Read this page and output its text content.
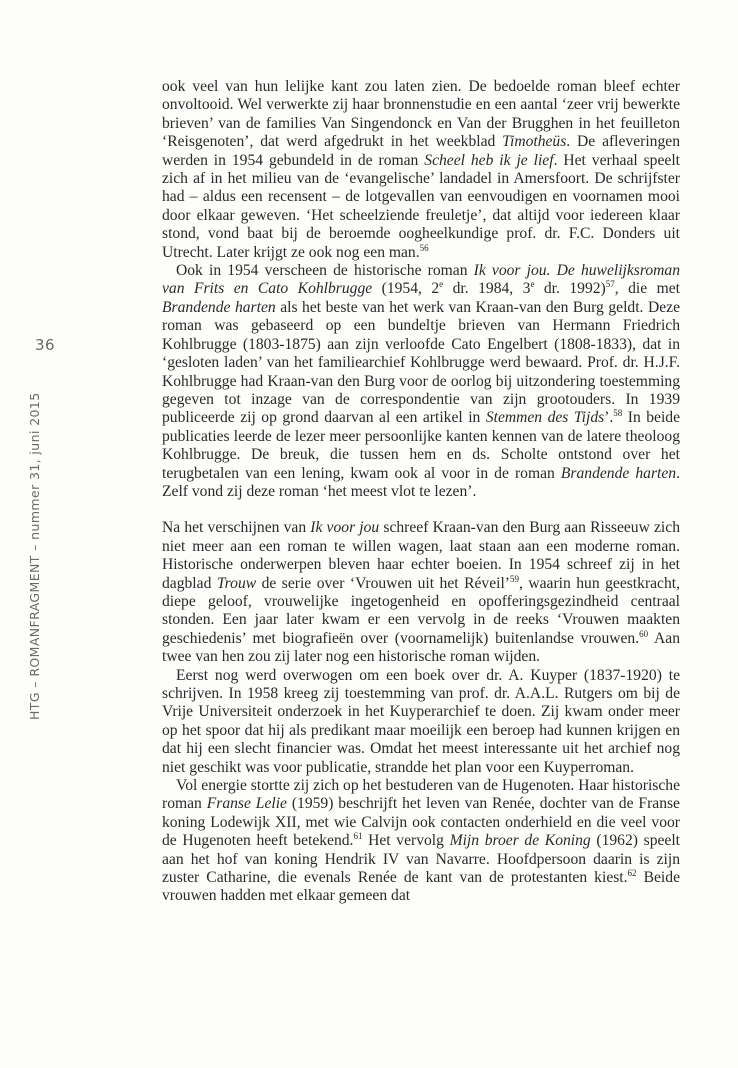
36
HTG – ROMANFRAGMENT – nummer 31, juni 2015

ook veel van hun lelijke kant zou laten zien. De bedoelde roman bleef echter onvoltooid. Wel verwerkte zij haar bronnenstudie en een aantal ‘zeer vrij bewerkte brieven’ van de families Van Singendonck en Van der Brugghen in het feuilleton ‘Reisgenoten’, dat werd afgedrukt in het weekblad Timotheüs. De afleveringen werden in 1954 gebundeld in de roman Scheel heb ik je lief. Het verhaal speelt zich af in het milieu van de ‘evangelische’ landadel in Amersfoort. De schrijfster had – aldus een recensent – de lotgevallen van eenvoudigen en voornamen mooi door elkaar geweven. ‘Het scheelziende freuletje’, dat altijd voor iedereen klaar stond, vond baat bij de beroemde oogheelkundige prof. dr. F.C. Donders uit Utrecht. Later krijgt ze ook nog een man.$^{56}$

Ook in 1954 verscheen de historische roman Ik voor jou. De huwelijksroman van Frits en Cato Kohlbrugge (1954, 2e dr. 1984, 3e dr. 1992)$^{57}$, die met Brandende harten als het beste van het werk van Kraan-van den Burg geldt. Deze roman was gebaseerd op een bundeltje brieven van Hermann Friedrich Kohlbrugge (1803-1875) aan zijn verloofde Cato Engelbert (1808-1833), dat in ‘gesloten laden’ van het familiearchief Kohlbrugge werd bewaard. Prof. dr. H.J.F. Kohlbrugge had Kraan-van den Burg voor de oorlog bij uitzondering toestemming gegeven tot inzage van de correspondentie van zijn grootouders. In 1939 publiceerde zij op grond daarvan al een artikel in Stemmen des Tijds’.$^{58}$ In beide publicaties leerde de lezer meer persoonlijke kanten kennen van de latere theoloog Kohlbrugge. De breuk, die tussen hem en ds. Scholte ontstond over het terugbetalen van een lening, kwam ook al voor in de roman Brandende harten. Zelf vond zij deze roman ‘het meest vlot te lezen’.

Na het verschijnen van Ik voor jou schreef Kraan-van den Burg aan Risseeuw zich niet meer aan een roman te willen wagen, laat staan aan een moderne roman. Historische onderwerpen bleven haar echter boeien. In 1954 schreef zij in het dagblad Trouw de serie over ‘Vrouwen uit het Réveil’$^{59}$, waarin hun geestkracht, diepe geloof, vrouwelijke ingetogenheid en opofferingsgezindheid centraal stonden. Een jaar later kwam er een vervolg in de reeks ‘Vrouwen maakten geschiedenis’ met biografieën over (voornamelijk) buitenlandse vrouwen.$^{60}$ Aan twee van hen zou zij later nog een historische roman wijden.

Eerst nog werd overwogen om een boek over dr. A. Kuyper (1837-1920) te schrijven. In 1958 kreeg zij toestemming van prof. dr. A.A.L. Rutgers om bij de Vrije Universiteit onderzoek in het Kuyperarchief te doen. Zij kwam onder meer op het spoor dat hij als predikant maar moeilijk een beroep had kunnen krijgen en dat hij een slecht financier was. Omdat het meest interessante uit het archief nog niet geschikt was voor publicatie, strandde het plan voor een Kuyperroman.

Vol energie stortte zij zich op het bestuderen van de Hugenoten. Haar historische roman Franse Lelie (1959) beschrijft het leven van Renée, dochter van de Franse koning Lodewijk XII, met wie Calvijn ook contacten onderhield en die veel voor de Hugenoten heeft betekend.$^{61}$ Het vervolg Mijn broer de Koning (1962) speelt aan het hof van koning Hendrik IV van Navarre. Hoofdpersoon daarin is zijn zuster Catharine, die evenals Renée de kant van de protestanten kiest.$^{62}$ Beide vrouwen hadden met elkaar gemeen dat
